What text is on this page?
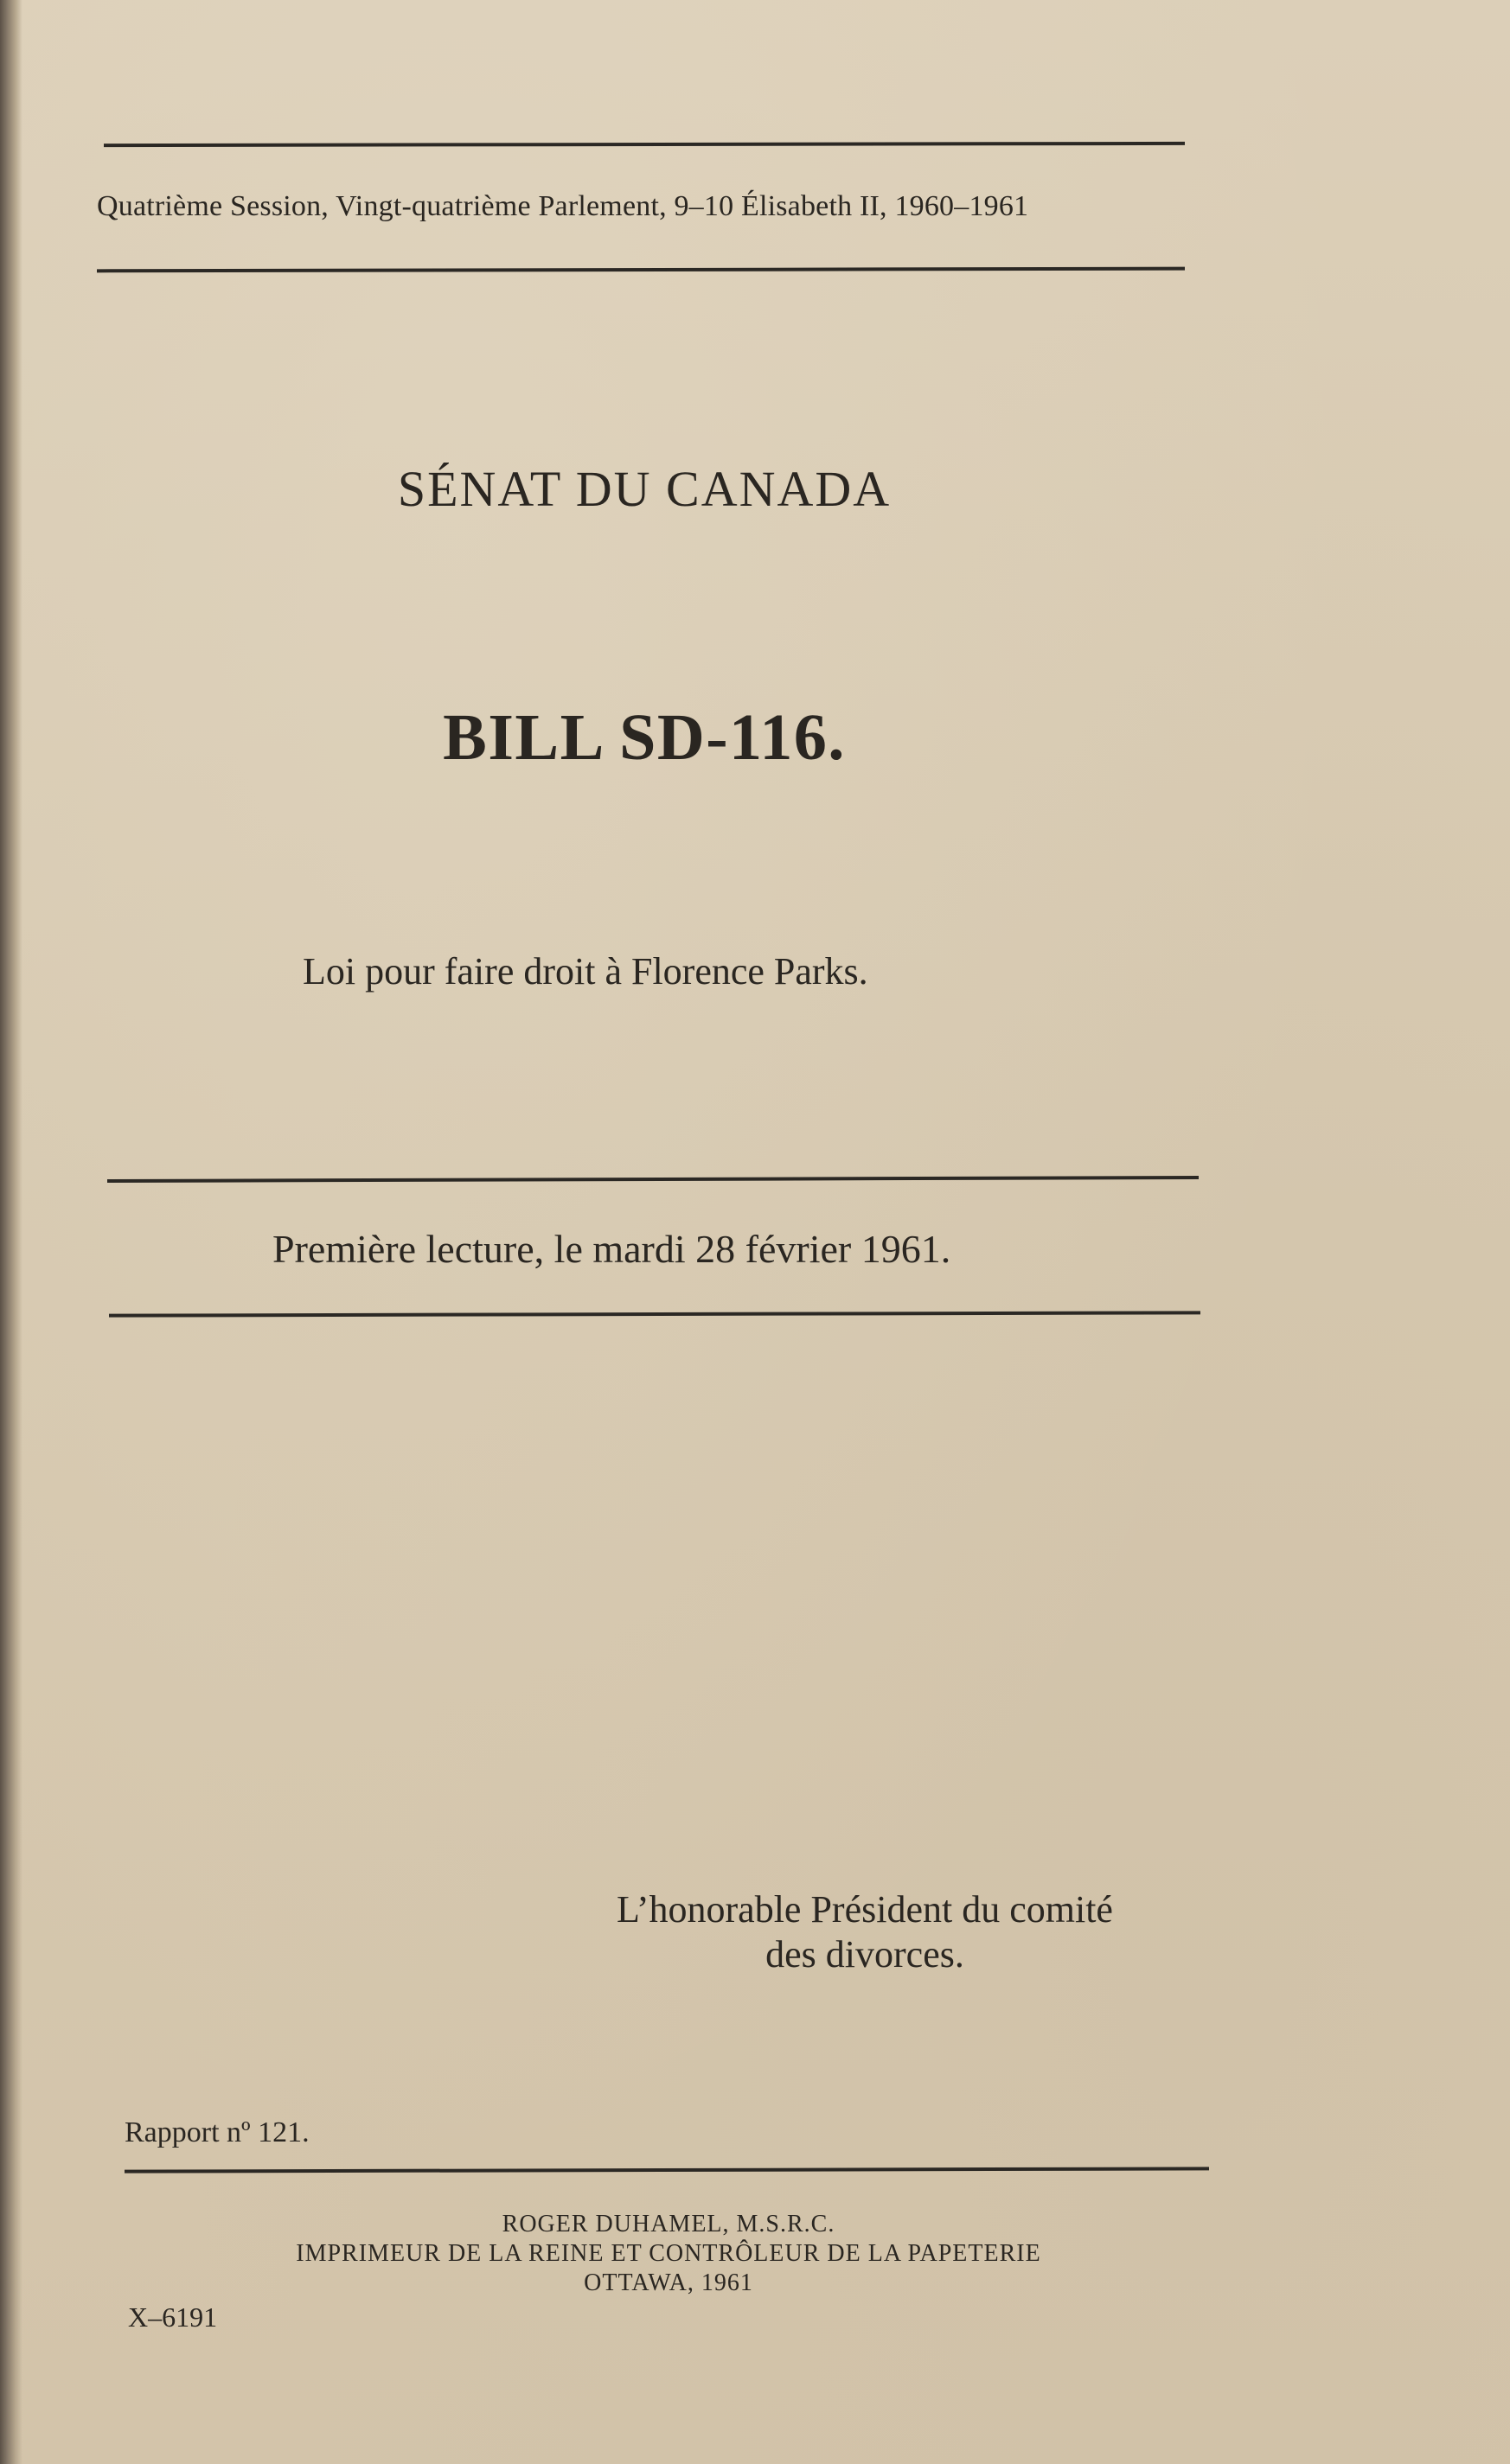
Quatrième Session, Vingt-quatrième Parlement, 9–10 Élisabeth II, 1960–1961
SÉNAT DU CANADA
BILL SD-116.
Loi pour faire droit à Florence Parks.
Première lecture, le mardi 28 février 1961.
L’honorable Président du comité
des divorces.
Rapport nº 121.
ROGER DUHAMEL, M.S.R.C.
IMPRIMEUR DE LA REINE ET CONTRÔLEUR DE LA PAPETERIE
OTTAWA, 1961
X–6191
